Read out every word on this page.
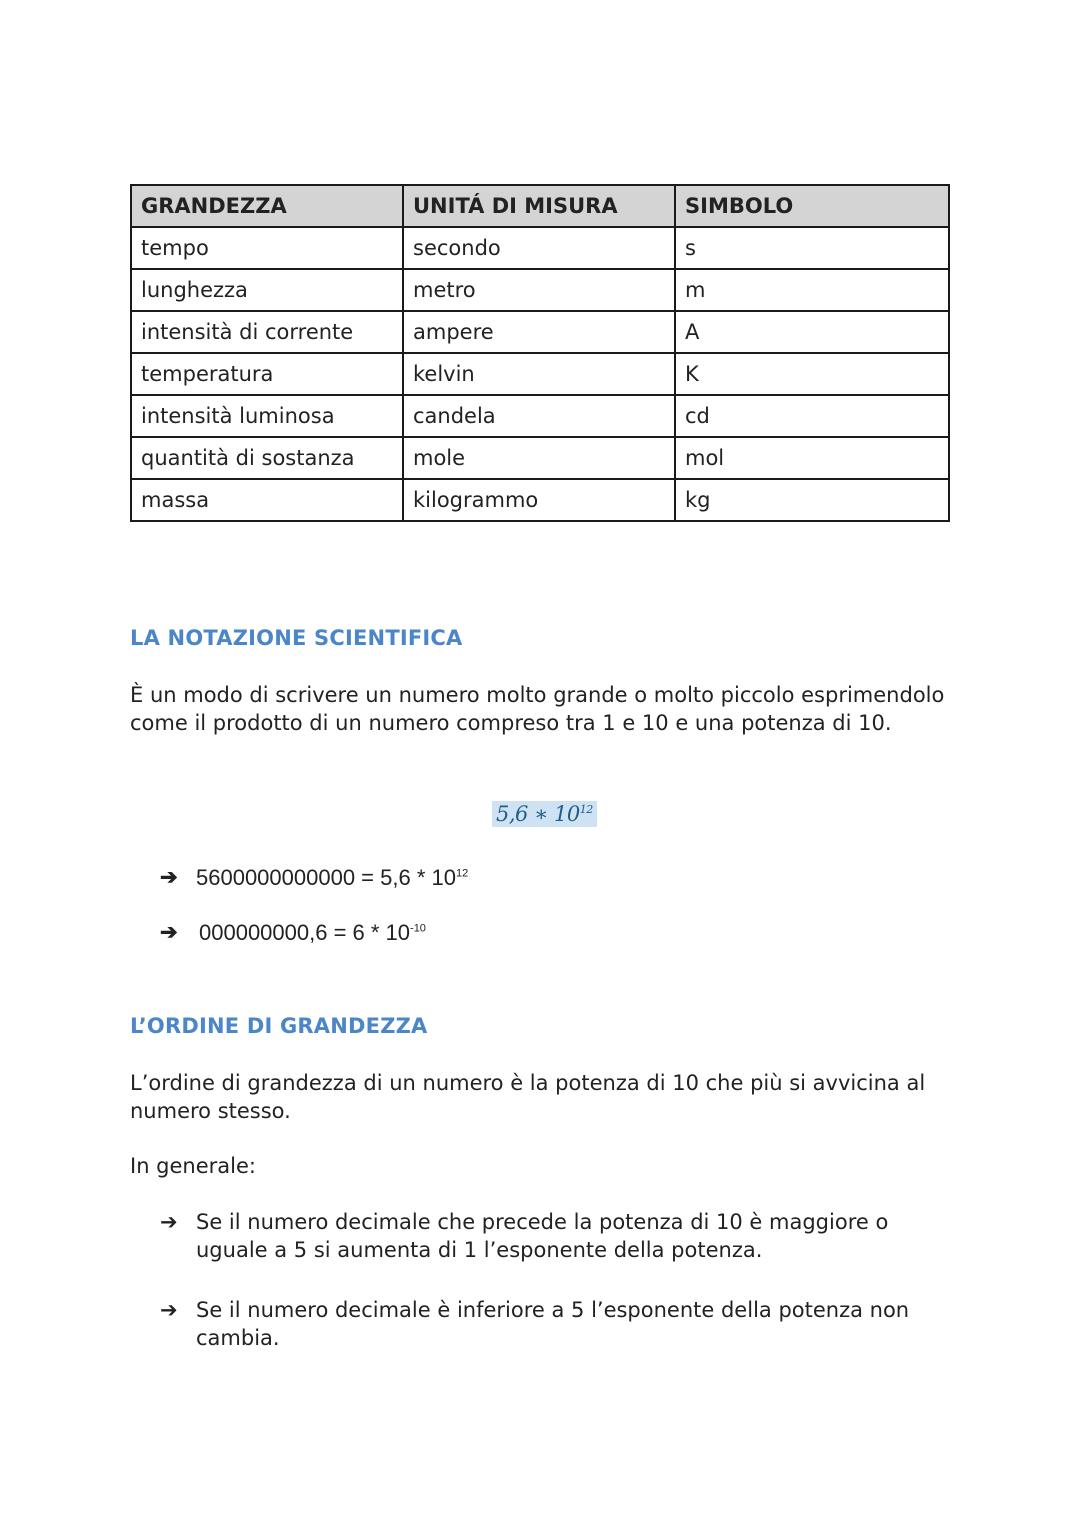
GRANDEZZA	UNITÁ DI MISURA	SIMBOLO
tempo	secondo	s
lunghezza	metro	m
intensità di corrente	ampere	A
temperatura	kelvin	K
intensità luminosa	candela	cd
quantità di sostanza	mole	mol
massa	kilogrammo	kg
LA NOTAZIONE SCIENTIFICA
È un modo di scrivere un numero molto grande o molto piccolo esprimendolo come il prodotto di un numero compreso tra 1 e 10 e una potenza di 10.
5,6 ∗ $10^{12}$
➔ $5600000000000 = 5,6 * 10^{12}$
➔ $000000000,6 = 6 * 10^{-10}$
L’ORDINE DI GRANDEZZA
L’ordine di grandezza di un numero è la potenza di 10 che più si avvicina al numero stesso.
In generale:
➔ Se il numero decimale che precede la potenza di 10 è maggiore o uguale a 5 si aumenta di 1 l’esponente della potenza.
➔ Se il numero decimale è inferiore a 5 l’esponente della potenza non cambia.
